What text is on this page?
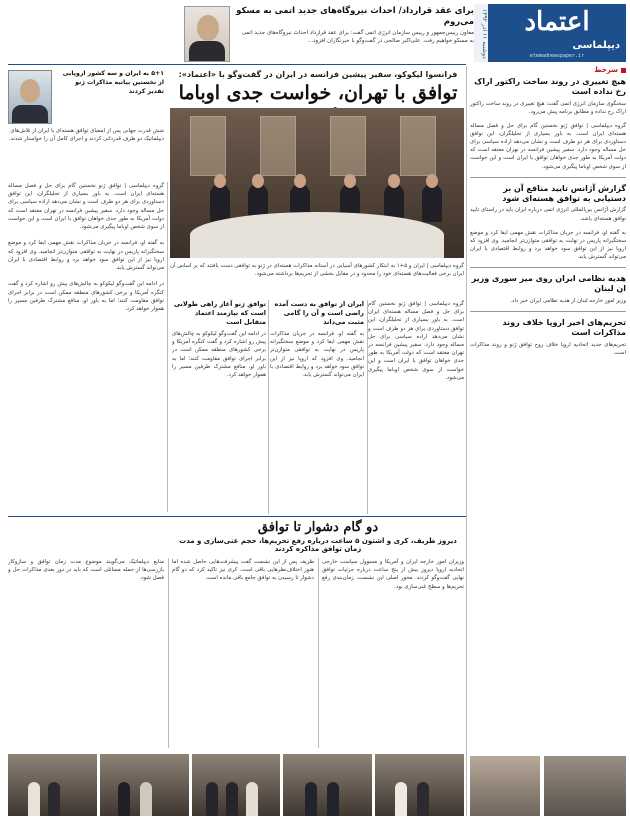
اعتماد
دیپلماسی
etemadnewspaper.ir
دوشنبه ۱۱ آذر ۱۳۹۲
برای عقد قرارداد/ احداث نیروگاه‌های جدید اتمی به مسکو می‌روم
معاون رییس‌جمهور و رییس سازمان انرژی اتمی گفت: برای عقد قرارداد احداث نیروگاه‌های جدید اتمی به مسکو خواهیم رفت. علی‌اکبر صالحی در گفت‌وگو با خبرنگاران افزود...
سرخط
هیچ تغییری در روند ساخت راکتور اراک رخ نداده است
سخنگوی سازمان انرژی اتمی گفت: هیچ تغییری در روند ساخت راکتور اراک رخ نداده و مطابق برنامه پیش می‌رود.
گروه دیپلماسی | توافق ژنو نخستین گام برای حل و فصل مساله هسته‌ای ایران است. به باور بسیاری از تحلیلگران، این توافق دستاوردی برای هر دو طرف است و نشان می‌دهد اراده سیاسی برای حل مساله وجود دارد. سفیر پیشین فرانسه در تهران معتقد است که دولت آمریکا به طور جدی خواهان توافق با ایران است و این خواست از سوی شخص اوباما پیگیری می‌شود.
گزارش آژانس تایید منافع آن بر دستیابی به توافق هسته‌ای شود
گزارش آژانس بین‌المللی انرژی اتمی درباره ایران باید در راستای تایید توافق هسته‌ای باشد.
به گفته او، فرانسه در جریان مذاکرات نقش مهمی ایفا کرد و موضع سختگیرانه پاریس در نهایت به توافقی متوازن‌تر انجامید. وی افزود که اروپا نیز از این توافق سود خواهد برد و روابط اقتصادی با ایران می‌تواند گسترش یابد.
هدیه نظامی ایران روی میز سوری وزیر ان لبنان
وزیر امور خارجه لبنان از هدیه نظامی ایران خبر داد.
تحریم‌های اخیر اروپا خلاف روند مذاکرات است
تحریم‌های جدید اتحادیه اروپا خلاف روح توافق ژنو و روند مذاکرات است.
فرانسوا لیکوکو، سفیر پیشین فرانسه در ایران در گفت‌وگو با «اعتماد»:
توافق با تهران، خواست جدی اوباما
۵+۱ به ایران و سه کشور اروپایی از نخستین بیانیه مذاکرات ژنو تقدیر کردند
شش قدرت جهانی پس از امضای توافق هسته‌ای با ایران از تلاش‌های دیپلماتیک دو طرف قدردانی کردند و اجرای کامل آن را خواستار شدند.
گروه دیپلماسی | ایران و ۵+۱ به ابتکار کشورهای آسیایی در آستانه مذاکرات هسته‌ای در ژنو به توافقی دست یافتند که بر اساس آن ایران برخی فعالیت‌های هسته‌ای خود را محدود و در مقابل بخشی از تحریم‌ها برداشته می‌شود.
گروه دیپلماسی | توافق ژنو نخستین گام برای حل و فصل مساله هسته‌ای ایران است. به باور بسیاری از تحلیلگران، این توافق دستاوردی برای هر دو طرف است و نشان می‌دهد اراده سیاسی برای حل مساله وجود دارد. سفیر پیشین فرانسه در تهران معتقد است که دولت آمریکا به طور جدی خواهان توافق با ایران است و این خواست از سوی شخص اوباما پیگیری می‌شود.

به گفته او، فرانسه در جریان مذاکرات نقش مهمی ایفا کرد و موضع سختگیرانه پاریس در نهایت به توافقی متوازن‌تر انجامید. وی افزود که اروپا نیز از این توافق سود خواهد برد و روابط اقتصادی با ایران می‌تواند گسترش یابد.

در ادامه این گفت‌وگو لیکوکو به چالش‌های پیش رو اشاره کرد و گفت کنگره آمریکا و برخی کشورهای منطقه ممکن است در برابر اجرای توافق مقاومت کنند؛ اما به باور او، منافع مشترک طرفین مسیر را هموار خواهد کرد.
گروه دیپلماسی | توافق ژنو نخستین گام برای حل و فصل مساله هسته‌ای ایران است. به باور بسیاری از تحلیلگران، این توافق دستاوردی برای هر دو طرف است و نشان می‌دهد اراده سیاسی برای حل مساله وجود دارد. سفیر پیشین فرانسه در تهران معتقد است که دولت آمریکا به طور جدی خواهان توافق با ایران است و این خواست از سوی شخص اوباما پیگیری می‌شود.
ایران از توافق به دست آمده راضی است و آن را گامی مثبت می‌داند
به گفته او، فرانسه در جریان مذاکرات نقش مهمی ایفا کرد و موضع سختگیرانه پاریس در نهایت به توافقی متوازن‌تر انجامید. وی افزود که اروپا نیز از این توافق سود خواهد برد و روابط اقتصادی با ایران می‌تواند گسترش یابد.
توافق ژنو آغاز راهی طولانی است که نیازمند اعتماد متقابل است
در ادامه این گفت‌وگو لیکوکو به چالش‌های پیش رو اشاره کرد و گفت کنگره آمریکا و برخی کشورهای منطقه ممکن است در برابر اجرای توافق مقاومت کنند؛ اما به باور او، منافع مشترک طرفین مسیر را هموار خواهد کرد.
دو گام دشوار تا توافق
دیروز ظریف، کری و اشتون ۵ ساعت درباره رفع تحریم‌ها، حجم غنی‌سازی و مدت زمان توافق مذاکره کردند
وزیران امور خارجه ایران و آمریکا و مسوول سیاست خارجی اتحادیه اروپا دیروز بیش از پنج ساعت درباره جزئیات توافق نهایی گفت‌وگو کردند. محور اصلی این نشست، زمان‌بندی رفع تحریم‌ها و سطح غنی‌سازی بود.
ظریف پس از این نشست گفت پیشرفت‌هایی حاصل شده اما هنوز اختلاف‌نظرهایی باقی است. کری نیز تاکید کرد که دو گام دشوار تا رسیدن به توافق جامع باقی مانده است.
منابع دیپلماتیک می‌گویند موضوع مدت زمان توافق و سازوکار بازرسی‌ها از جمله مسائلی است که باید در دور بعدی مذاکرات حل و فصل شود.
